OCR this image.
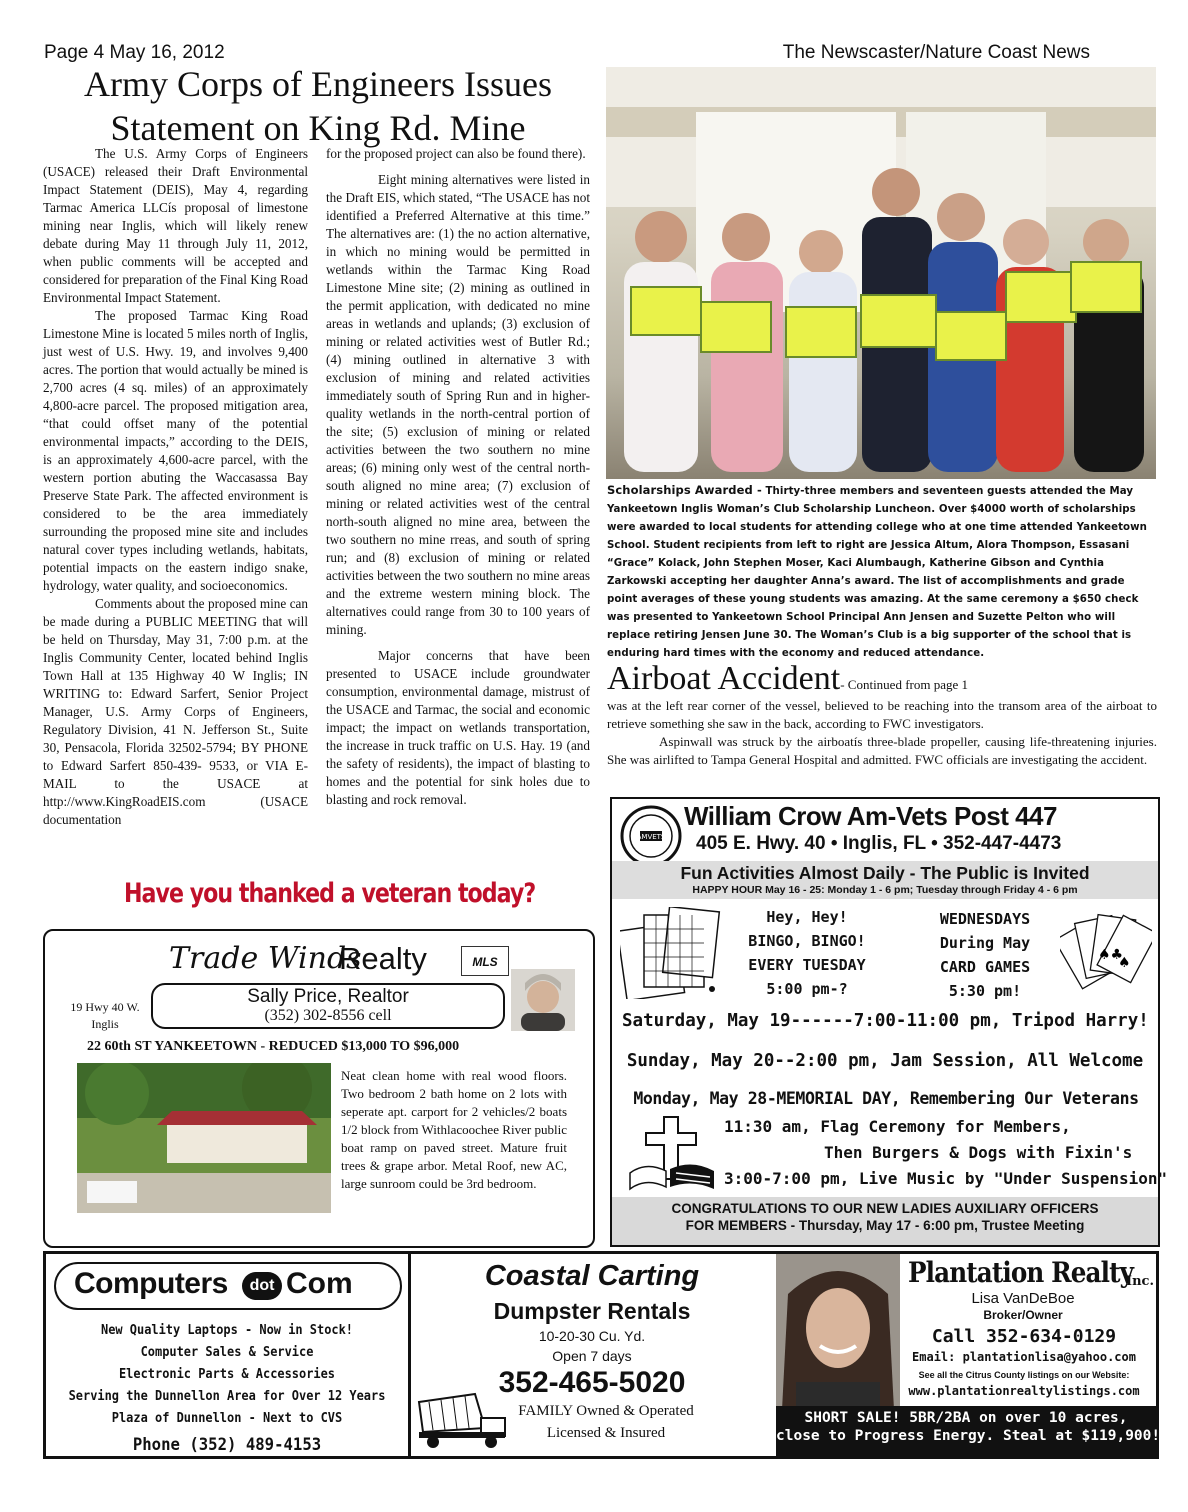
Page 4 May 16, 2012	The Newscaster/Nature Coast News
Army Corps of Engineers Issues
Statement on King Rd. Mine

The U.S. Army Corps of Engineers (USACE) released their Draft Environmental Impact Statement (DEIS), May 4, regarding Tarmac America LLCís proposal of limestone mining near Inglis, which will likely renew debate during May 11 through July 11, 2012, when public comments will be accepted and considered for preparation of the Final King Road Environmental Impact Statement.

The proposed Tarmac King Road Limestone Mine is located 5 miles north of Inglis, just west of U.S. Hwy. 19, and involves 9,400 acres. The portion that would actually be mined is 2,700 acres (4 sq. miles) of an approximately 4,800-acre parcel. The proposed mitigation area, “that could offset many of the potential environmental impacts,” according to the DEIS, is an approximately 4,600-acre parcel, with the western portion abuting the Waccasassa Bay Preserve State Park. The affected environment is considered to be the area immediately surrounding the proposed mine site and includes natural cover types including wetlands, habitats, potential impacts on the eastern indigo snake, hydrology, water quality, and socioeconomics.

Comments about the proposed mine can be made during a PUBLIC MEETING that will be held on Thursday, May 31, 7:00 p.m. at the Inglis Community Center, located behind Inglis Town Hall at 135 Highway 40 W Inglis; IN WRITING to: Edward Sarfert, Senior Project Manager, U.S. Army Corps of Engineers, Regulatory Division, 41 N. Jefferson St., Suite 30, Pensacola, Florida 32502-5794; BY PHONE to Edward Sarfert 850-439- 9533, or VIA E-MAIL to the USACE at http://www.KingRoadEIS.com (USACE documentation

for the proposed project can also be found there).

Eight mining alternatives were listed in the Draft EIS, which stated, “The USACE has not identified a Preferred Alternative at this time.” The alternatives are: (1) the no action alternative, in which no mining would be permitted in wetlands within the Tarmac King Road Limestone Mine site; (2) mining as outlined in the permit application, with dedicated no mine areas in wetlands and uplands; (3) exclusion of mining or related activities west of Butler Rd.; (4) mining outlined in alternative 3 with exclusion of mining and related activities immediately south of Spring Run and in higher-quality wetlands in the north-central portion of the site; (5) exclusion of mining or related activities between the two southern no mine areas; (6) mining only west of the central north-south aligned no mine area; (7) exclusion of mining or related activities west of the central north-south aligned no mine area, between the two southern no mine rreas, and south of spring run; and (8) exclusion of mining or related activities between the two southern no mine areas and the extreme western mining block. The alternatives could range from 30 to 100 years of mining.

Major concerns that have been presented to USACE include groundwater consumption, environmental damage, mistrust of the USACE and Tarmac, the social and economic impact; the impact on wetlands transportation, the increase in truck traffic on U.S. Hay. 19 (and the safety of residents), the impact of blasting to homes and the potential for sink holes due to blasting and rock removal.

Scholarships Awarded - Thirty-three members and seventeen guests attended the May Yankeetown Inglis Woman’s Club Scholarship Luncheon. Over $4000 worth of scholarships were awarded to local students for attending college who at one time attended Yankeetown School. Student recipients from left to right are Jessica Altum, Alora Thompson, Essasani “Grace” Kolack, John Stephen Moser, Kaci Alumbaugh, Katherine Gibson and Cynthia Zarkowski accepting her daughter Anna’s award. The list of accomplishments and grade point averages of these young students was amazing. At the same ceremony a $650 check was presented to Yankeetown School Principal Ann Jensen and Suzette Pelton who will replace retiring Jensen June 30. The Woman’s Club is a big supporter of the school that is enduring hard times with the economy and reduced attendance.
Airboat Accident- Continued from page 1

was at the left rear corner of the vessel, believed to be reaching into the transom area of the airboat to retrieve something she saw in the back, according to FWC investigators.

Aspinwall was struck by the airboatís three-blade propeller, causing life-threatening injuries. She was airlifted to Tampa General Hospital and admitted. FWC officials are investigating the accident.

Have you thanked a veteran today?
Trade Winds
Realty	MLS
19 Hwy 40 W.
Inglis
Sally Price, Realtor
(352) 302-8556 cell
22 60th ST YANKEETOWN - REDUCED $13,000 TO $96,000
Neat clean home with real wood floors. Two bedroom 2 bath home on 2 lots with seperate apt. carport for 2 vehicles/2 boats 1/2 block from Withlacoochee River public boat ramp on paved street. Mature fruit trees & grape arbor. Metal Roof, new AC, large sunroom could be 3rd bedroom.
AMVETS
William Crow Am-Vets Post 447
405 E. Hwy. 40 • Inglis, FL • 352-447-4473
Fun Activities Almost Daily - The Public is Invited
HAPPY HOUR May 16 - 25: Monday 1 - 6 pm; Tuesday through Friday 4 - 6 pm
Hey, Hey!
BINGO, BINGO!
EVERY TUESDAY
5:00 pm-?
WEDNESDAYS
During May
CARD GAMES
5:30 pm!
♠♣
♠
Saturday, May 19------7:00-11:00 pm, Tripod Harry!
Sunday, May 20--2:00 pm, Jam Session, All Welcome
Monday, May 28-MEMORIAL DAY, Remembering Our Veterans
11:30 am, Flag Ceremony for Members,
Then Burgers & Dogs with Fixin's
3:00-7:00 pm, Live Music by "Under Suspension"
CONGRATULATIONS TO OUR NEW LADIES AUXILIARY OFFICERS
FOR MEMBERS - Thursday, May 17 - 6:00 pm, Trustee Meeting
Computers	dot Com
New Quality Laptops - Now in Stock!
Computer Sales & Service
Electronic Parts & Accessories
Serving the Dunnellon Area for Over 12 Years
Plaza of Dunnellon - Next to CVS
Phone (352) 489-4153
Coastal Carting
Dumpster Rentals
10-20-30 Cu. Yd.
Open 7 days
352-465-5020
FAMILY Owned & Operated
Licensed & Insured
Plantation Realty
Inc.
Lisa VanDeBoe
Broker/Owner
Call 352-634-0129
Email: plantationlisa@yahoo.com
See all the Citrus County listings on our Website:
www.plantationrealtylistings.com
SHORT SALE! 5BR/2BA on over 10 acres,
close to Progress Energy. Steal at $119,900!
